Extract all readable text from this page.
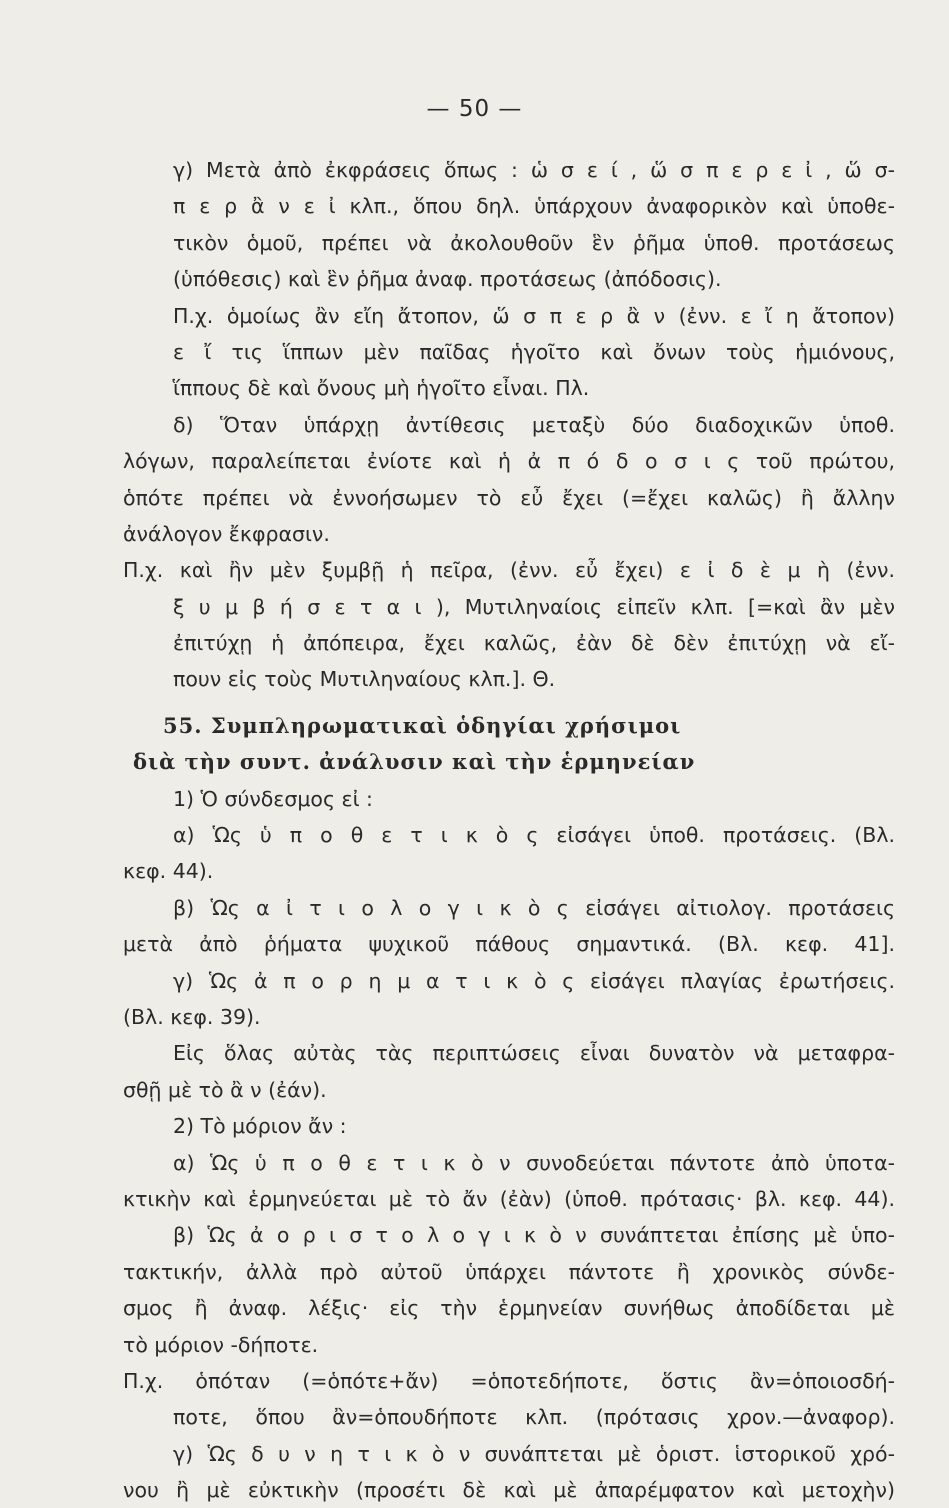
— 50 —
γ) Μετὰ ἀπὸ ἐκφράσεις ὅπως : ὡ σ ε ί , ὥ σ π ε ρ ε ἰ , ὥ σ-
π ε ρ ἂ ν ε ἰ κλπ., ὅπου δηλ. ὑπάρχουν ἀναφορικὸν καὶ ὑποθε-
τικὸν ὁμοῦ, πρέπει νὰ ἀκολουθοῦν ἓν ῥῆμα ὑποθ. προτάσεως
(ὑπόθεσις) καὶ ἓν ῥῆμα ἀναφ. προτάσεως (ἀπόδοσις).
Π.χ. ὁμοίως ἂν εἴη ἄτοπον, ὥ σ π ε ρ ἂ ν (ἐνν. ε ἴ η ἄτοπον)
ε ἴ τις ἵππων μὲν παῖδας ἡγοῖτο καὶ ὄνων τοὺς ἡμιόνους,
ἵππους δὲ καὶ ὄνους μὴ ἡγοῖτο εἶναι. Πλ.
δ) Ὅταν ὑπάρχῃ ἀντίθεσις μεταξὺ δύο διαδοχικῶν ὑποθ.
λόγων, παραλείπεται ἐνίοτε καὶ ἡ ἀ π ό δ ο σ ι ς τοῦ πρώτου,
ὁπότε πρέπει νὰ ἐννοήσωμεν τὸ εὖ ἔχει (=ἔχει καλῶς) ἢ ἄλλην
ἀνάλογον ἔκφρασιν.
Π.χ. καὶ ἢν μὲν ξυμβῇ ἡ πεῖρα, (ἐνν. εὖ ἔχει) ε ἰ δ ὲ μ ὴ (ἐνν.
ξ υ μ β ή σ ε τ α ι ), Μυτιληναίοις εἰπεῖν κλπ. [=καὶ ἂν μὲν
ἐπιτύχῃ ἡ ἀπόπειρα, ἔχει καλῶς, ἐὰν δὲ δὲν ἐπιτύχῃ νὰ εἴ-
πουν εἰς τοὺς Μυτιληναίους κλπ.]. Θ.
55. Συμπληρωματικαὶ ὁδηγίαι χρήσιμοι
διὰ τὴν συντ. ἀνάλυσιν καὶ τὴν ἑρμηνείαν
1) Ὁ σύνδεσμος εἰ :
α) Ὡς ὑ π ο θ ε τ ι κ ὸ ς εἰσάγει ὑποθ. προτάσεις. (Βλ.
κεφ. 44).
β) Ὡς α ἰ τ ι ο λ ο γ ι κ ὸ ς εἰσάγει αἰτιολογ. προτάσεις
μετὰ ἀπὸ ῥήματα ψυχικοῦ πάθους σημαντικά. (Βλ. κεφ. 41].
γ) Ὡς ἀ π ο ρ η μ α τ ι κ ὸ ς εἰσάγει πλαγίας ἐρωτήσεις.
(Βλ. κεφ. 39).
Εἰς ὅλας αὐτὰς τὰς περιπτώσεις εἶναι δυνατὸν νὰ μεταφρα-
σθῇ μὲ τὸ ἂ ν (ἐάν).
2) Τὸ μόριον ἄν :
α) Ὡς ὑ π ο θ ε τ ι κ ὸ ν συνοδεύεται πάντοτε ἀπὸ ὑποτα-
κτικὴν καὶ ἑρμηνεύεται μὲ τὸ ἄν (ἐὰν) (ὑποθ. πρότασις· βλ. κεφ. 44).
β) Ὡς ἀ ο ρ ι σ τ ο λ ο γ ι κ ὸ ν συνάπτεται ἐπίσης μὲ ὑπο-
τακτικήν, ἀλλὰ πρὸ αὐτοῦ ὑπάρχει πάντοτε ἢ χρονικὸς σύνδε-
σμος ἢ ἀναφ. λέξις· εἰς τὴν ἑρμηνείαν συνήθως ἀποδίδεται μὲ
τὸ μόριον -δήποτε.
Π.χ. ὁπόταν (=ὁπότε+ἄν) =ὁποτεδήποτε, ὅστις ἂν=ὁποιοσδή-
ποτε, ὅπου ἂν=ὁπουδήποτε κλπ. (πρότασις χρον.—ἀναφορ).
γ) Ὡς δ υ ν η τ ι κ ὸ ν συνάπτεται μὲ ὁριστ. ἱστορικοῦ χρό-
νου ἢ μὲ εὐκτικὴν (προσέτι δὲ καὶ μὲ ἀπαρέμφατον καὶ μετοχὴν)
